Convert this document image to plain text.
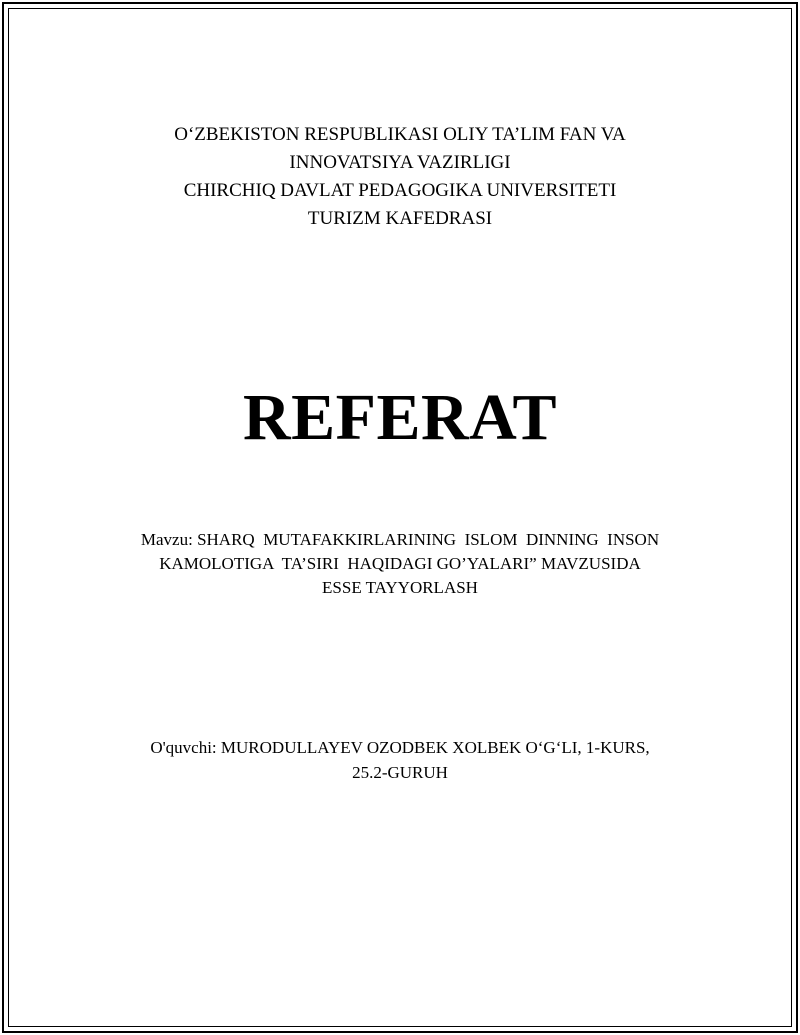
O‘ZBEKISTON RESPUBLIKASI OLIY TA’LIM FAN VA
INNOVATSIYA VAZIRLIGI
CHIRCHIQ DAVLAT PEDAGOGIKA UNIVERSITETI
TURIZM KAFEDRASI
REFERAT
Mavzu: SHARQ  MUTAFAKKIRLARINING  ISLOM  DINNING  INSON
KAMOLOTIGA  TA’SIRI  HAQIDAGI GO’YALARI” MAVZUSIDA
ESSE TAYYORLASH
O'quvchi: MURODULLAYEV OZODBEK XOLBEK O‘G‘LI, 1-KURS,
25.2-GURUH
